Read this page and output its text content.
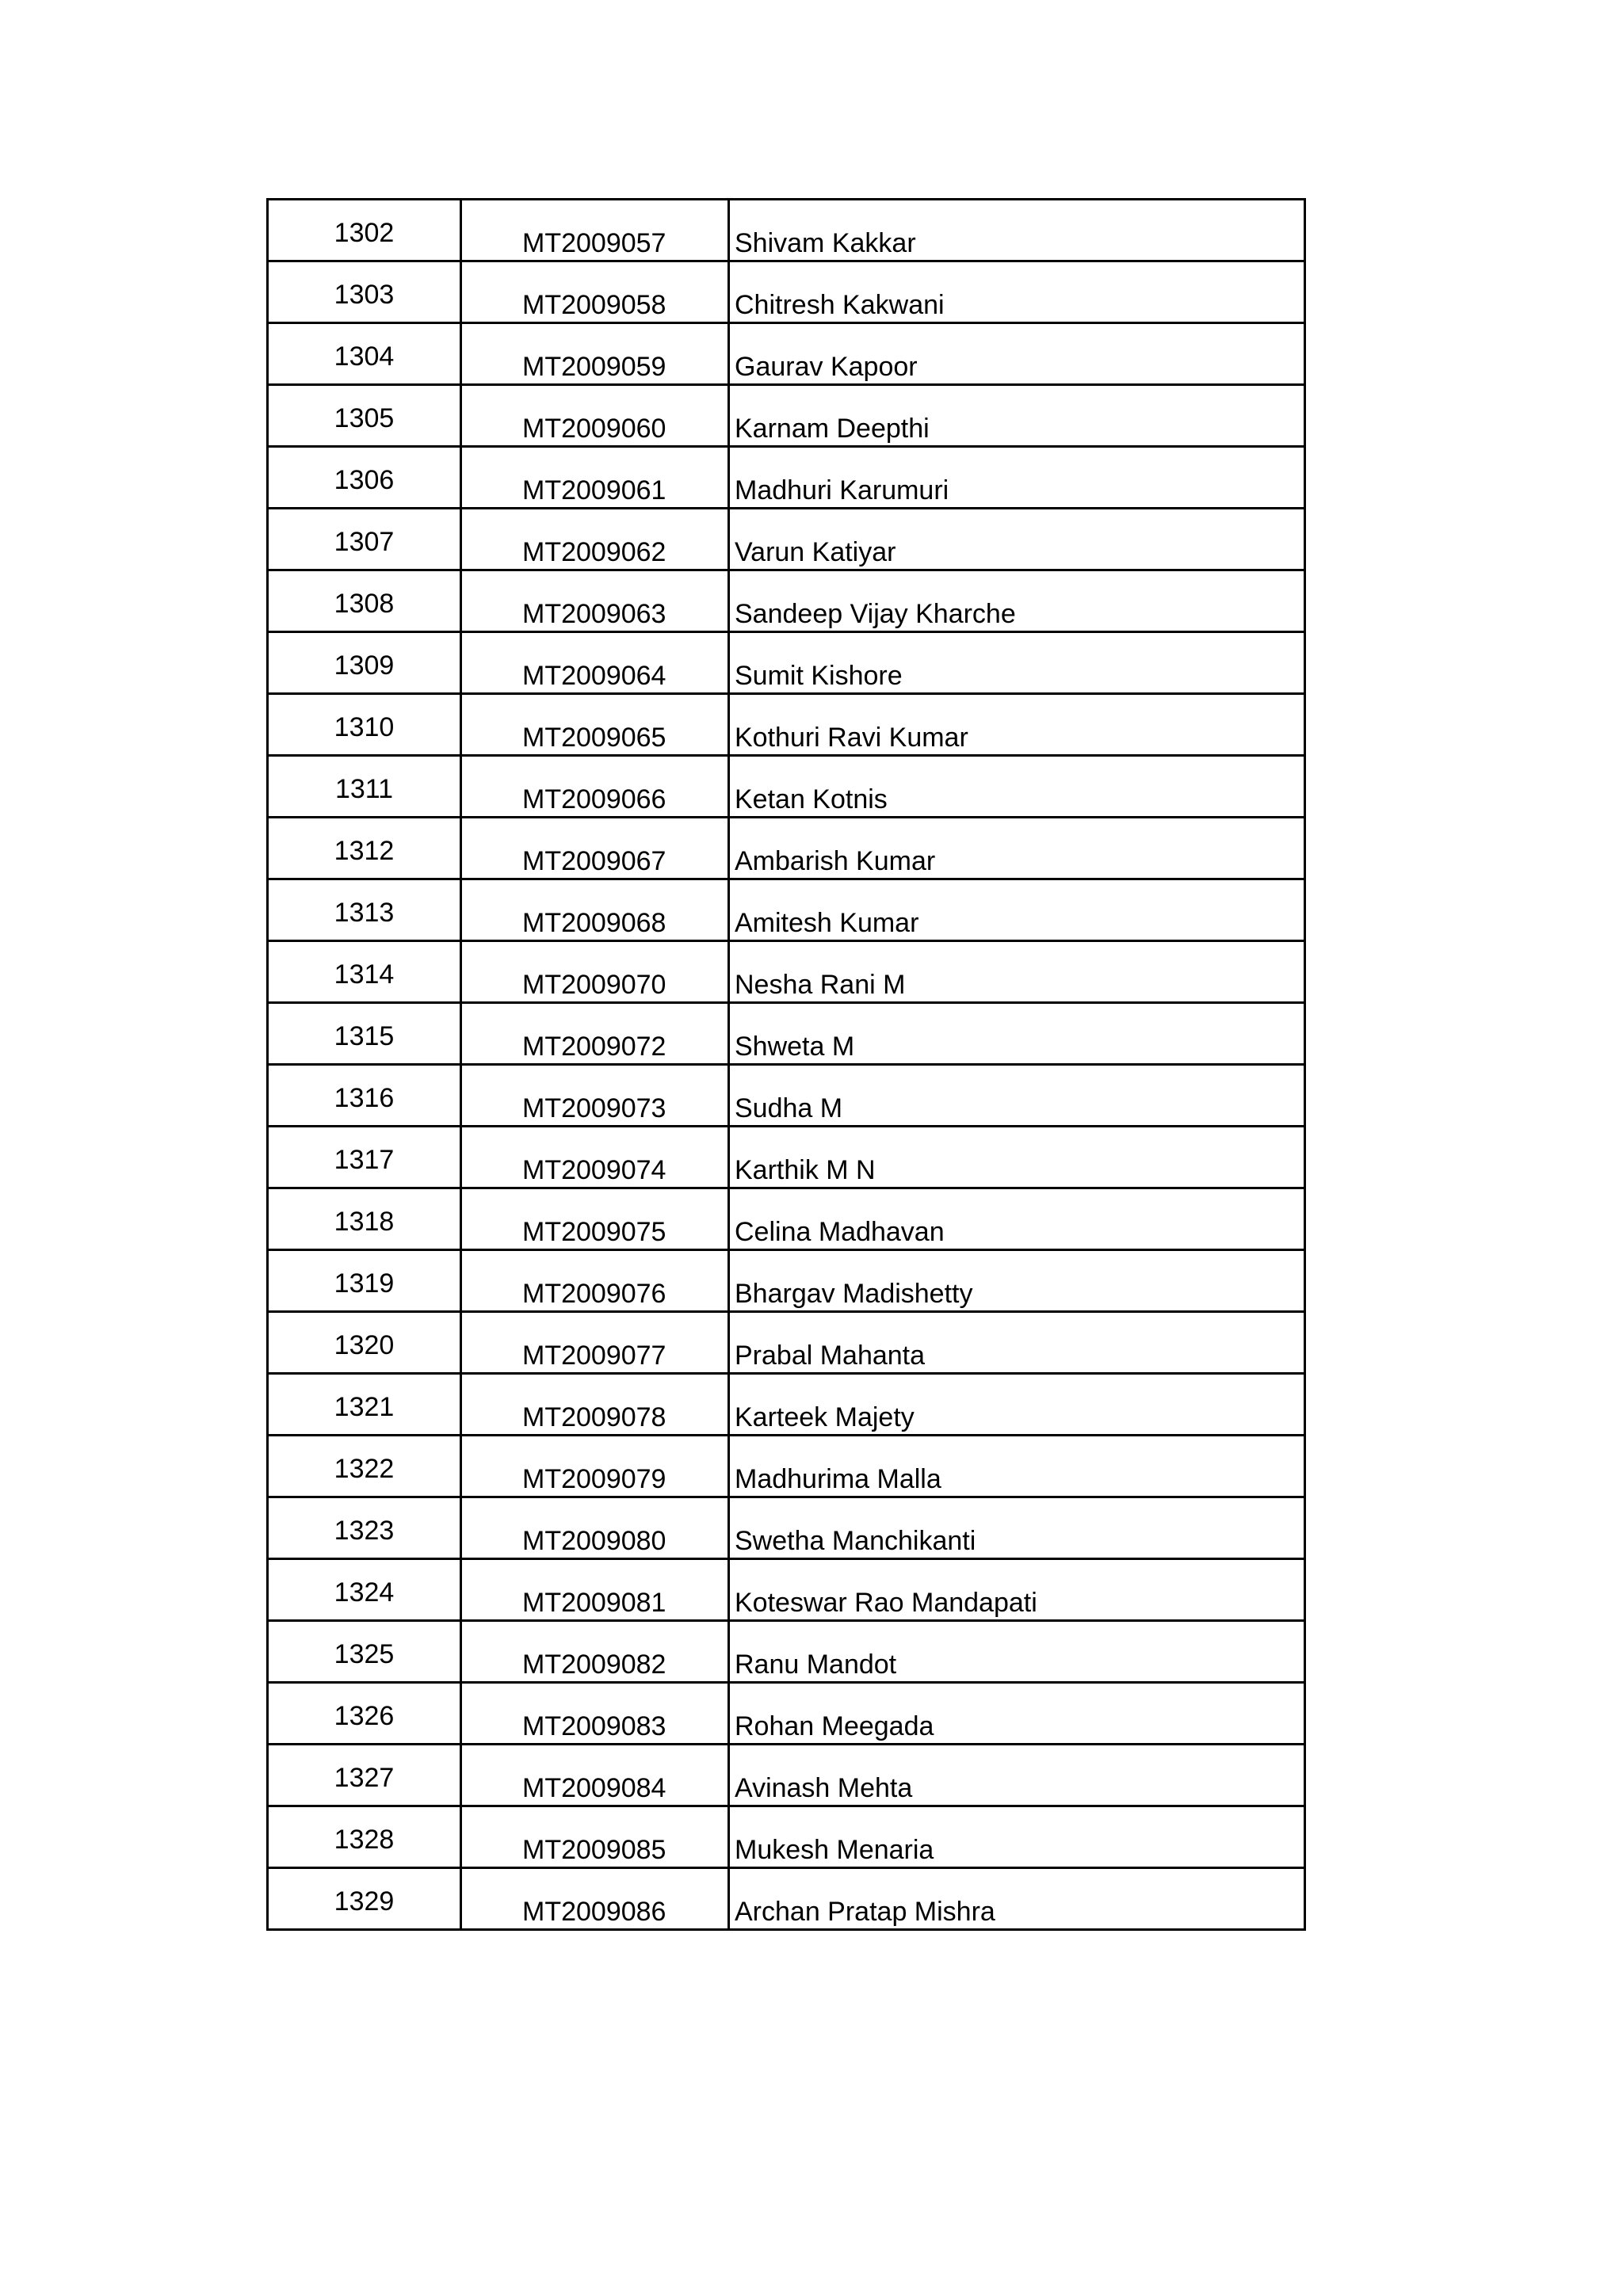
1302	MT2009057	Shivam Kakkar
1303	MT2009058	Chitresh Kakwani
1304	MT2009059	Gaurav Kapoor
1305	MT2009060	Karnam Deepthi
1306	MT2009061	Madhuri Karumuri
1307	MT2009062	Varun Katiyar
1308	MT2009063	Sandeep Vijay Kharche
1309	MT2009064	Sumit Kishore
1310	MT2009065	Kothuri Ravi Kumar
1311	MT2009066	Ketan Kotnis
1312	MT2009067	Ambarish Kumar
1313	MT2009068	Amitesh Kumar
1314	MT2009070	Nesha Rani M
1315	MT2009072	Shweta M
1316	MT2009073	Sudha M
1317	MT2009074	Karthik M N
1318	MT2009075	Celina Madhavan
1319	MT2009076	Bhargav Madishetty
1320	MT2009077	Prabal Mahanta
1321	MT2009078	Karteek Majety
1322	MT2009079	Madhurima Malla
1323	MT2009080	Swetha Manchikanti
1324	MT2009081	Koteswar Rao Mandapati
1325	MT2009082	Ranu Mandot
1326	MT2009083	Rohan Meegada
1327	MT2009084	Avinash Mehta
1328	MT2009085	Mukesh Menaria
1329	MT2009086	Archan Pratap Mishra
